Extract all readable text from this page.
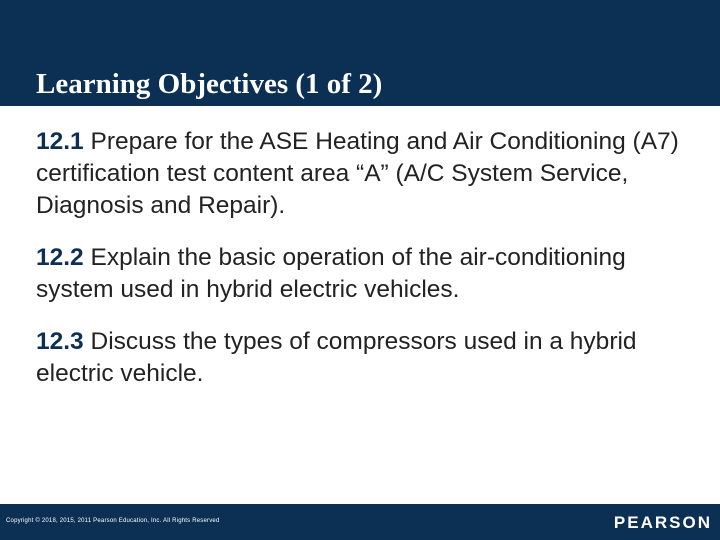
Learning Objectives (1 of 2)

12.1 Prepare for the ASE Heating and Air Conditioning (A7) certification test content area “A” (A/C System Service, Diagnosis and Repair).

12.2 Explain the basic operation of the air-conditioning system used in hybrid electric vehicles.

12.3 Discuss the types of compressors used in a hybrid electric vehicle.

Copyright © 2018, 2015, 2011 Pearson Education, Inc. All Rights Reserved	PEARSON
